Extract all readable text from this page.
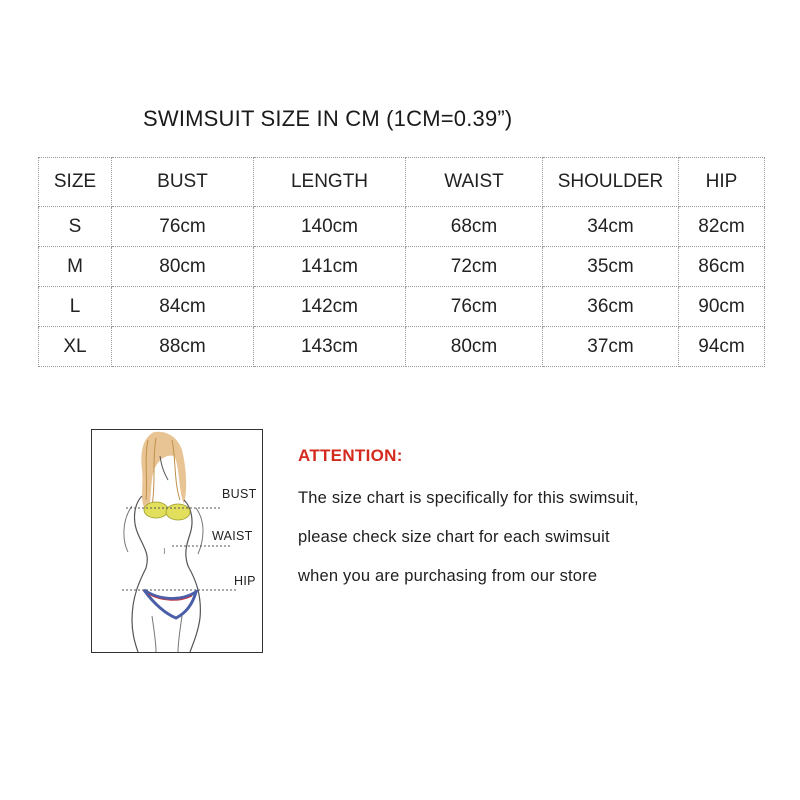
SWIMSUIT SIZE IN CM (1CM=0.39”)
SIZE	BUST	LENGTH	WAIST	SHOULDER	HIP
S	76cm	140cm	68cm	34cm	82cm
M	80cm	141cm	72cm	35cm	86cm
L	84cm	142cm	76cm	36cm	90cm
XL	88cm	143cm	80cm	37cm	94cm
BUST
WAIST
HIP
ATTENTION:
The size chart is specifically for this swimsuit,
please check size chart for each swimsuit
when you are purchasing from our store
